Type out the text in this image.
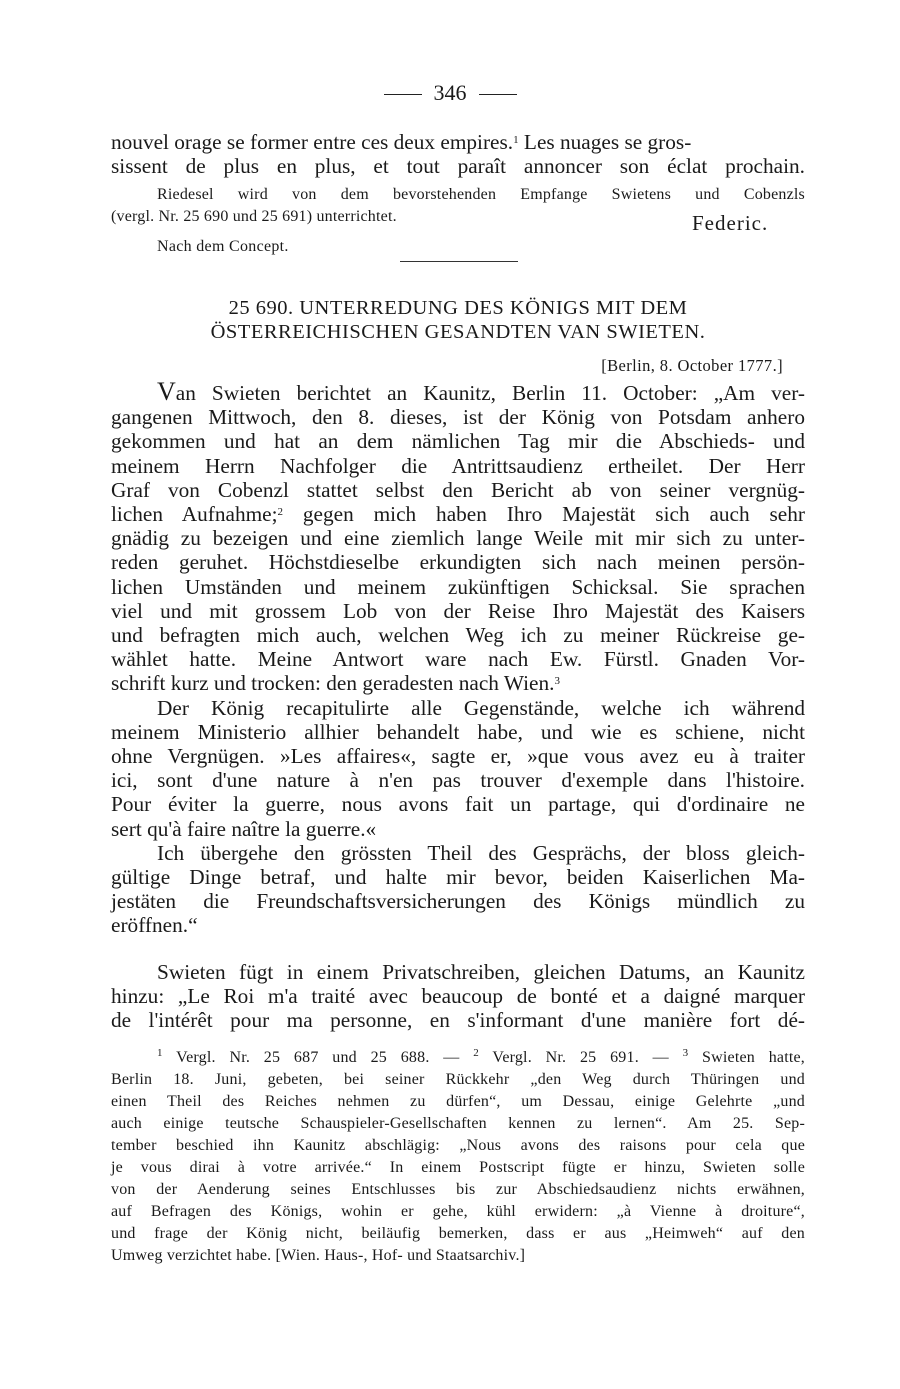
346

nouvel orage se former entre ces deux empires.$^1$ Les nuages se gros-

sissent de plus en plus, et tout paraît annoncer son éclat prochain.

Riedesel wird von dem bevorstehenden Empfange Swietens und Cobenzls

(vergl. Nr. 25 690 und 25 691) unterrichtet.	Federic.
Nach dem Concept.
25 690. UNTERREDUNG DES KÖNIGS MIT DEM
ÖSTERREICHISCHEN GESANDTEN VAN SWIETEN.
[Berlin, 8. October 1777.]

Van Swieten berichtet an Kaunitz, Berlin 11. October: „Am ver-

gangenen Mittwoch, den 8. dieses, ist der König von Potsdam anhero

gekommen und hat an dem nämlichen Tag mir die Abschieds- und

meinem Herrn Nachfolger die Antrittsaudienz ertheilet. Der Herr

Graf von Cobenzl stattet selbst den Bericht ab von seiner vergnüg-

lichen Aufnahme;$^2$ gegen mich haben Ihro Majestät sich auch sehr

gnädig zu bezeigen und eine ziemlich lange Weile mit mir sich zu unter-

reden geruhet. Höchstdieselbe erkundigten sich nach meinen persön-

lichen Umständen und meinem zukünftigen Schicksal. Sie sprachen

viel und mit grossem Lob von der Reise Ihro Majestät des Kaisers

und befragten mich auch, welchen Weg ich zu meiner Rückreise ge-

wählet hatte. Meine Antwort ware nach Ew. Fürstl. Gnaden Vor-

schrift kurz und trocken: den geradesten nach Wien.$^3$

Der König recapitulirte alle Gegenstände, welche ich während

meinem Ministerio allhier behandelt habe, und wie es schiene, nicht

ohne Vergnügen. »Les affaires«, sagte er, »que vous avez eu à traiter

ici, sont d'une nature à n'en pas trouver d'exemple dans l'histoire.

Pour éviter la guerre, nous avons fait un partage, qui d'ordinaire ne

sert qu'à faire naître la guerre.«

Ich übergehe den grössten Theil des Gesprächs, der bloss gleich-

gültige Dinge betraf, und halte mir bevor, beiden Kaiserlichen Ma-

jestäten die Freundschaftsversicherungen des Königs mündlich zu

eröffnen.“

Swieten fügt in einem Privatschreiben, gleichen Datums, an Kaunitz

hinzu: „Le Roi m'a traité avec beaucoup de bonté et a daigné marquer

de l'intérêt pour ma personne, en s'informant d'une manière fort dé-

$^1$ Vergl. Nr. 25 687 und 25 688. — $^2$ Vergl. Nr. 25 691. — $^3$ Swieten hatte,

Berlin 18. Juni, gebeten, bei seiner Rückkehr „den Weg durch Thüringen und

einen Theil des Reiches nehmen zu dürfen“, um Dessau, einige Gelehrte „und

auch einige teutsche Schauspieler-Gesellschaften kennen zu lernen“. Am 25. Sep-

tember beschied ihn Kaunitz abschlägig: „Nous avons des raisons pour cela que

je vous dirai à votre arrivée.“ In einem Postscript fügte er hinzu, Swieten solle

von der Aenderung seines Entschlusses bis zur Abschiedsaudienz nichts erwähnen,

auf Befragen des Königs, wohin er gehe, kühl erwidern: „à Vienne à droiture“,

und frage der König nicht, beiläufig bemerken, dass er aus „Heimweh“ auf den

Umweg verzichtet habe. [Wien. Haus-, Hof- und Staatsarchiv.]
